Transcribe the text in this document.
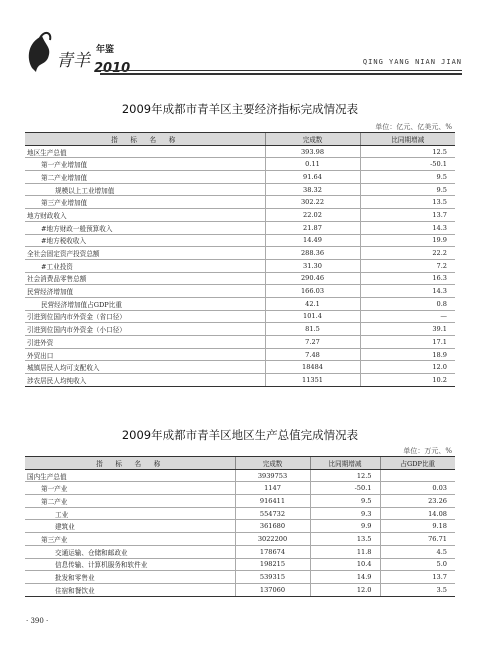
青羊
年鉴
2010	QING YANG NIAN JIAN
2009年成都市青羊区主要经济指标完成情况表
单位：亿元、亿美元、%
指　标　名　称	完成数	比同期增减
地区生产总值	393.98	12.5
第一产业增加值	0.11	-50.1
第二产业增加值	91.64	9.5
规模以上工业增加值	38.32	9.5
第三产业增加值	302.22	13.5
地方财政收入	22.02	13.7
#地方财政一般预算收入	21.87	14.3
#地方税收收入	14.49	19.9
全社会固定资产投资总额	288.36	22.2
#工业投资	31.30	7.2
社会消费品零售总额	290.46	16.3
民营经济增加值	166.03	14.3
民营经济增加值占GDP比重	42.1	0.8
引进到位国内市外资金（省口径）	101.4	—
引进到位国内市外资金（小口径）	81.5	39.1
引进外资	7.27	17.1
外贸出口	7.48	18.9
城镇居民人均可支配收入	18484	12.0
涉农居民人均纯收入	11351	10.2
2009年成都市青羊区地区生产总值完成情况表
单位：万元、%
指　标　名　称	完成数	比同期增减	占GDP比重
国内生产总值	3939753	12.5	
第一产业	1147	-50.1	0.03
第二产业	916411	9.5	23.26
工业	554732	9.3	14.08
建筑业	361680	9.9	9.18
第三产业	3022200	13.5	76.71
交通运输、仓储和邮政业	178674	11.8	4.5
信息传输、计算机服务和软件业	198215	10.4	5.0
批发和零售业	539315	14.9	13.7
住宿和餐饮业	137060	12.0	3.5
· 390 ·
